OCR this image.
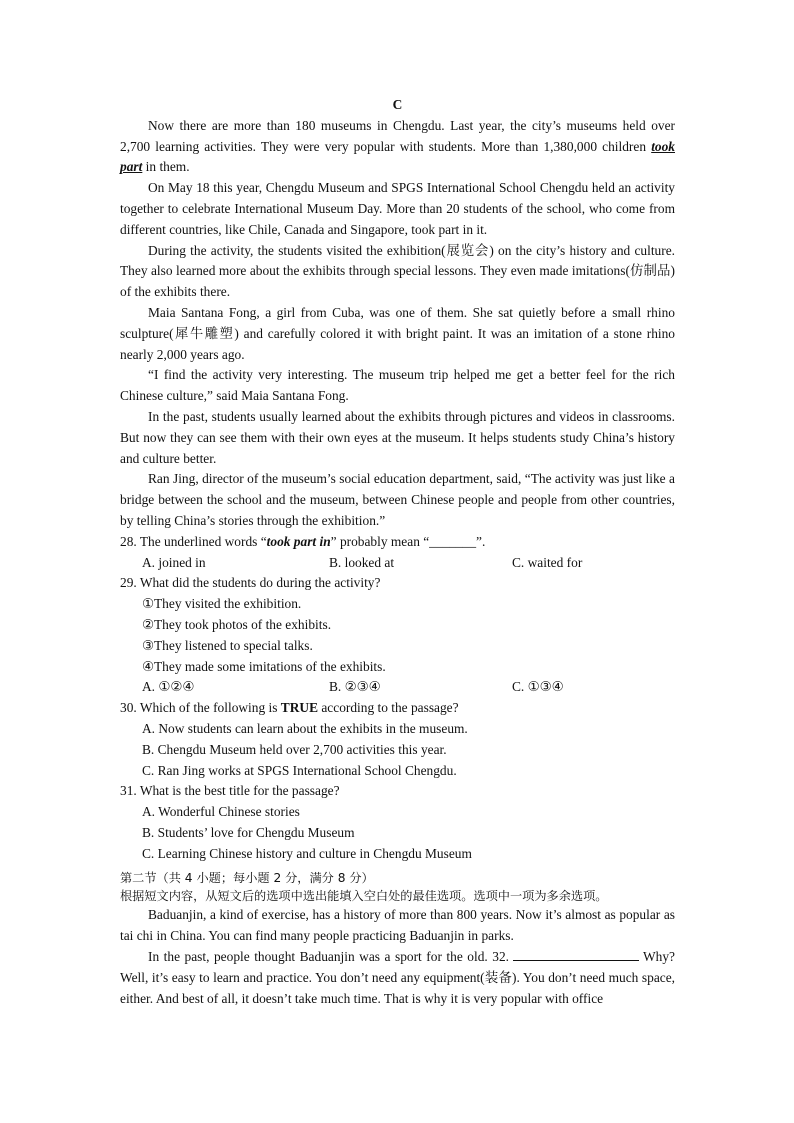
C

Now there are more than 180 museums in Chengdu. Last year, the city’s museums held over 2,700 learning activities. They were very popular with students. More than 1,380,000 children took part in them.

On May 18 this year, Chengdu Museum and SPGS International School Chengdu held an activity together to celebrate International Museum Day. More than 20 students of the school, who come from different countries, like Chile, Canada and Singapore, took part in it.

During the activity, the students visited the exhibition(展览会) on the city’s history and culture. They also learned more about the exhibits through special lessons. They even made imitations(仿制品) of the exhibits there.

Maia Santana Fong, a girl from Cuba, was one of them. She sat quietly before a small rhino sculpture(犀牛雕塑) and carefully colored it with bright paint. It was an imitation of a stone rhino nearly 2,000 years ago.

“I find the activity very interesting. The museum trip helped me get a better feel for the rich Chinese culture,” said Maia Santana Fong.

In the past, students usually learned about the exhibits through pictures and videos in classrooms. But now they can see them with their own eyes at the museum. It helps students study China’s history and culture better.

Ran Jing, director of the museum’s social education department, said, “The activity was just like a bridge between the school and the museum, between Chinese people and people from other countries, by telling China’s stories through the exhibition.”

28. The underlined words “took part in” probably mean “_______”.

A. joined in	B. looked at	C. waited for

29. What did the students do during the activity?

①They visited the exhibition.

②They took photos of the exhibits.

③They listened to special talks.

④They made some imitations of the exhibits.

A. ①②④	B. ②③④	C. ①③④

30. Which of the following is TRUE according to the passage?

A. Now students can learn about the exhibits in the museum.

B. Chengdu Museum held over 2,700 activities this year.

C. Ran Jing works at SPGS International School Chengdu.

31. What is the best title for the passage?

A. Wonderful Chinese stories

B. Students’ love for Chengdu Museum

C. Learning Chinese history and culture in Chengdu Museum

第二节（共 4 小题；每小题 2 分，满分 8 分）

根据短文内容，从短文后的选项中选出能填入空白处的最佳选项。选项中一项为多余选项。

Baduanjin, a kind of exercise, has a history of more than 800 years. Now it’s almost as popular as tai chi in China. You can find many people practicing Baduanjin in parks.

In the past, people thought Baduanjin was a sport for the old. 32.	Why? Well, it’s easy to learn and practice. You don’t need any equipment(装备). You don’t need much space, either. And best of all, it doesn’t take much time. That is why it is very popular with office
